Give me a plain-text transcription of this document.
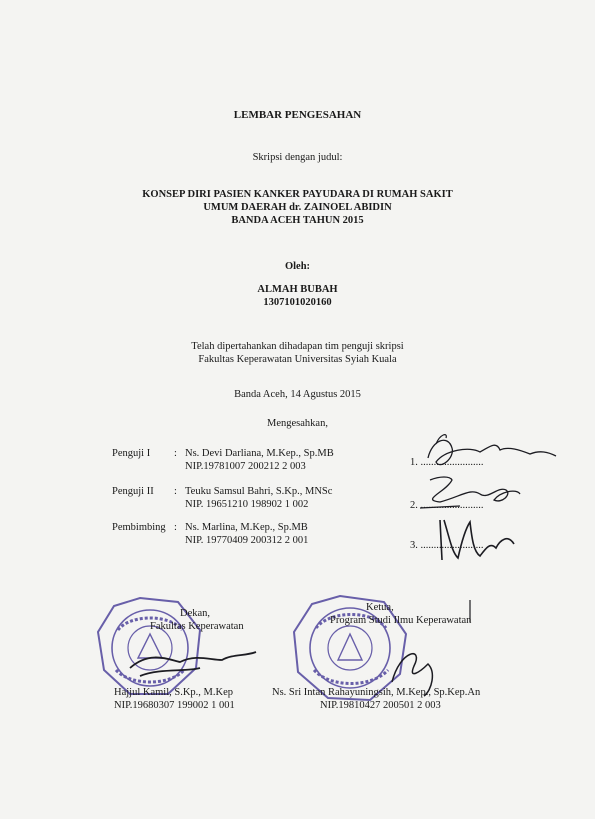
LEMBAR PENGESAHAN
Skripsi dengan judul:
KONSEP DIRI PASIEN KANKER PAYUDARA DI RUMAH SAKIT
UMUM DAERAH dr. ZAINOEL ABIDIN
BANDA ACEH TAHUN 2015
Oleh:
ALMAH BUBAH
1307101020160
Telah dipertahankan dihadapan tim penguji skripsi
Fakultas Keperawatan Universitas Syiah Kuala
Banda Aceh, 14 Agustus 2015
Mengesahkan,
Penguji I : Ns. Devi Darliana, M.Kep., Sp.MB
NIP.19781007 200212 2 003	1. ........................
Penguji II : Teuku Samsul Bahri, S.Kp., MNSc
NIP. 19651210 198902 1 002	2. ........................
Pembimbing : Ns. Marlina, M.Kep., Sp.MB
NIP. 19770409 200312 2 001	3. ........................
Dekan,
Fakultas Keperawatan
Hajjul Kamil, S.Kp., M.Kep
NIP.19680307 199002 1 001
Ketua,
Program Studi Ilmu Keperawatan
Ns. Sri Intan Rahayuningsih, M.Kep., Sp.Kep.An
NIP.19810427 200501 2 003
